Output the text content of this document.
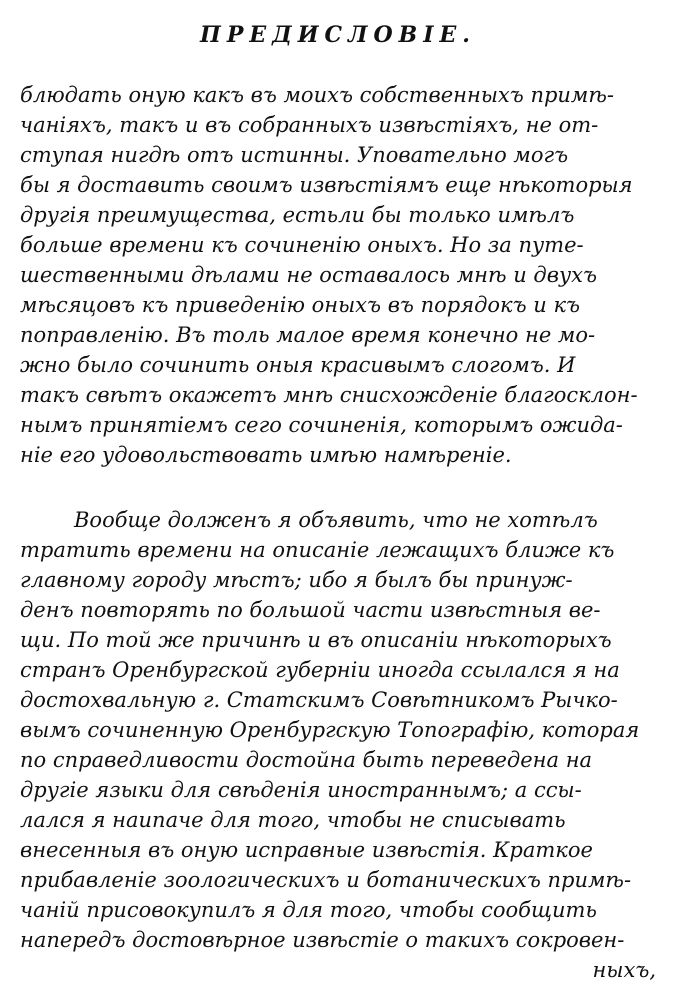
ПРЕДИСЛОВІЕ.
блюдать оную какъ въ моихъ собственныхъ примѣ-
чаніяхъ, такъ и въ собранныхъ извѣстіяхъ, не от-
ступая нигдѣ отъ истинны. Уповательно могъ
бы я доставить своимъ извѣстіямъ еще нѣкоторыя
другія преимущества, естьли бы только имѣлъ
больше времени къ сочиненію оныхъ. Но за путе-
шественными дѣлами не оставалось мнѣ и двухъ
мѣсяцовъ къ приведенію оныхъ въ порядокъ и къ
поправленію. Въ толь малое время конечно не мо-
жно было сочинить оныя красивымъ слогомъ. И
такъ свѣтъ окажетъ мнѣ снисхожденіе благосклон-
нымъ принятіемъ сего сочиненія, которымъ ожида-
ніе его удовольствовать имѣю намѣреніе.
Вообще долженъ я объявить, что не хотѣлъ
тратить времени на описаніе лежащихъ ближе къ
главному городу мѣстъ; ибо я былъ бы принуж-
денъ повторять по большой части извѣстныя ве-
щи. По той же причинѣ и въ описаніи нѣкоторыхъ
странъ Оренбургской губерніи иногда ссылался я на
достохвальную г. Статскимъ Совѣтникомъ Рычко-
вымъ сочиненную Оренбургскую Топографію, которая
по справедливости достойна быть переведена на
другіе языки для свѣденія иностраннымъ; а ссы-
лался я наипаче для того, чтобы не списывать
внесенныя въ оную исправные извѣстія. Краткое
прибавленіе зоологическихъ и ботаническихъ примѣ-
чаній присовокупилъ я для того, чтобы сообщить
напередъ достовѣрное извѣстіе о такихъ сокровен-
ныхъ,
